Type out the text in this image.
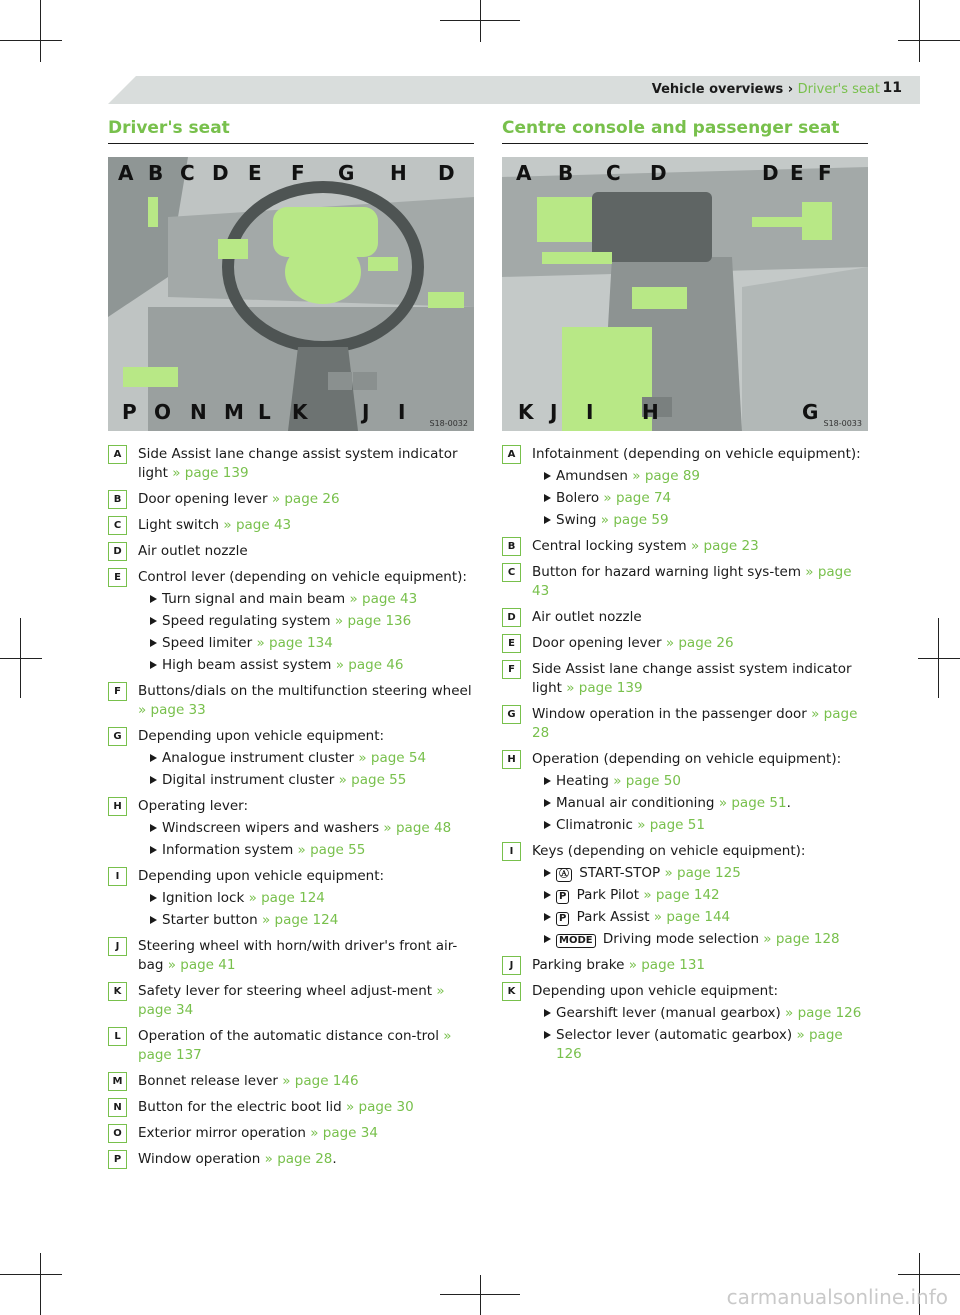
Vehicle overviews › Driver's seat 11
Driver's seat
S18-0032
A B C D E F G H D
P O N M L K	J I
A	Side Assist lane change assist system indicator light » page 139
B	Door opening lever » page 26
C	Light switch » page 43
D	Air outlet nozzle
E	Control lever (depending on vehicle equipment):
Turn signal and main beam » page 43
Speed regulating system » page 136
Speed limiter » page 134
High beam assist system » page 46
F	Buttons/dials on the multifunction steering wheel » page 33
G	Depending upon vehicle equipment:
Analogue instrument cluster » page 54
Digital instrument cluster » page 55
H	Operating lever:
Windscreen wipers and washers » page 48
Information system » page 55
I	Depending upon vehicle equipment:
Ignition lock » page 124
Starter button » page 124
J	Steering wheel with horn/with driver's front air-bag » page 41
K	Safety lever for steering wheel adjust-ment » page 34
L	Operation of the automatic distance con-trol » page 137
M	Bonnet release lever » page 146
N	Button for the electric boot lid » page 30
O	Exterior mirror operation » page 34
P	Window operation » page 28.
Centre console and passenger seat
S18-0033
A B C D	D E F
K J I H	G
A	Infotainment (depending on vehicle equipment):
Amundsen » page 89
Bolero » page 74
Swing » page 59
B	Central locking system » page 23
C	Button for hazard warning light sys-tem » page 43
D	Air outlet nozzle
E	Door opening lever » page 26
F	Side Assist lane change assist system indicator light » page 139
G	Window operation in the passenger door » page 28
H	Operation (depending on vehicle equipment):
Heating » page 50
Manual air conditioning » page 51.
Climatronic » page 51
I	Keys (depending on vehicle equipment):
Ⓐ START-STOP » page 125
P Park Pilot » page 142
P Park Assist » page 144
MODE Driving mode selection » page 128
J	Parking brake » page 131
K	Depending upon vehicle equipment:
Gearshift lever (manual gearbox) » page 126
Selector lever (automatic gearbox) » page 126
carmanualsonline.info
